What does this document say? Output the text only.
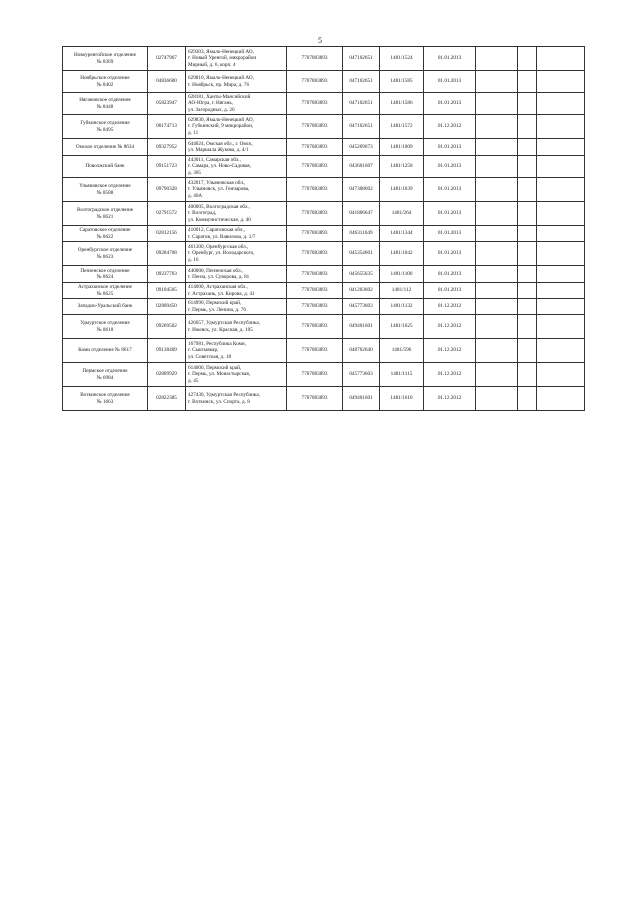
5
Новоуренгойское отделение
№ 8369	02747967	629303, Ямало-Ненецкий АО,
г. Новый Уренгой, микрорайон
Мирный, д. 6, корп. 4	7707083893	047102651	1481/1524	01.01.2013			
Ноябрьское отделение
№ 8402	04836600	629810, Ямало-Ненецкий АО,
г. Ноябрьск, пр. Мира, д. 76	7707083893	047102651	1481/1585	01.01.2013			
Нягановское отделение
№ 8448	05823947	628181, Ханты-Мансийский
АО-Югра, г. Нягань,
ул. Загородных, д. 26	7707083893	047102651	1481/1586	01.01.2013			
Губкинское отделение
№ 8495	00174713	629830, Ямало-Ненецкий АО,
г. Губкинский, 9 микрорайон,
д. 11	7707083893	047102651	1481/1572	01.12.2012			
Омское отделение № 8634	09327952	644024, Омская обл., г. Омск,
ул. Маршала Жукова, д. 4/1	7707083893	045209673	1481/1009	01.01.2013			
Поволжский банк	09151723	443011, Самарская обл.,
г. Самара, ул. Ново-Садовая,
д. 305	7707083893	043601607	1481/1258	01.01.2013			
Ульяновское отделение
№ 8588	09790328	432017, Ульяновская обл.,
г. Ульяновск, ул. Гончарова,
д. 40А	7707083893	047308602	1481/1639	01.01.2013			
Волгоградское отделение
№ 8621	02791572	400005, Волгоградская обл.,
г. Волгоград,
ул. Коммунистическая, д. 40	7707083893	041806647	1481/264	01.01.2013			
Саратовское отделение
№ 8622	02812156	410012, Саратовская обл.,
г. Саратов, ул. Вавилова, д. 1/7	7707083893	046311649	1481/1344	01.01.2013			
Оренбургское отделение
№ 8623	09284708	461300, Оренбургская обл.,
г. Оренбург, ул. Володарского,
д. 16	7707083893	045354601	1481/1042	01.01.2013			
Пензенское отделение
№ 8624	09237703	440000, Пензенская обл.,
г. Пенза, ул. Суворова, д. 81	7707083893	045655635	1481/1100	01.01.2013			
Астраханское отделение
№ 8625	09104505	414000, Астраханская обл.,
г. Астрахань, ул. Кирова, д. 41	7707083893	041203602	1481/112	01.01.2013			
Западно-Уральский банк	02809450	614990, Пермский край,
г. Пермь, ул. Ленина, д. 76	7707083893	045773603	1481/1132	01.12.2012			
Удмуртское отделение
№ 8618	09269502	426057, Удмуртская Республика,
г. Ижевск, ул. Красная, д. 105	7707083893	049401601	1481/1625	01.12.2012			
Коми отделение № 8617	09138409	167981, Республика Коми,
г. Сыктывкар,
ул. Советская, д. 18	7707083893	048702640	1481/596	01.12.2012			
Пермское отделение
№ 6984	02809929	614000, Пермский край,
г. Пермь, ул. Монастырская,
д. 45	7707083893	045773603	1481/1115	01.12.2012			
Воткинское отделение
№ 1663	02822385	427430, Удмуртская Республика,
г. Воткинск, ул. Спорта, д. 8	7707083893	049401601	1481/1610	01.12.2012			
